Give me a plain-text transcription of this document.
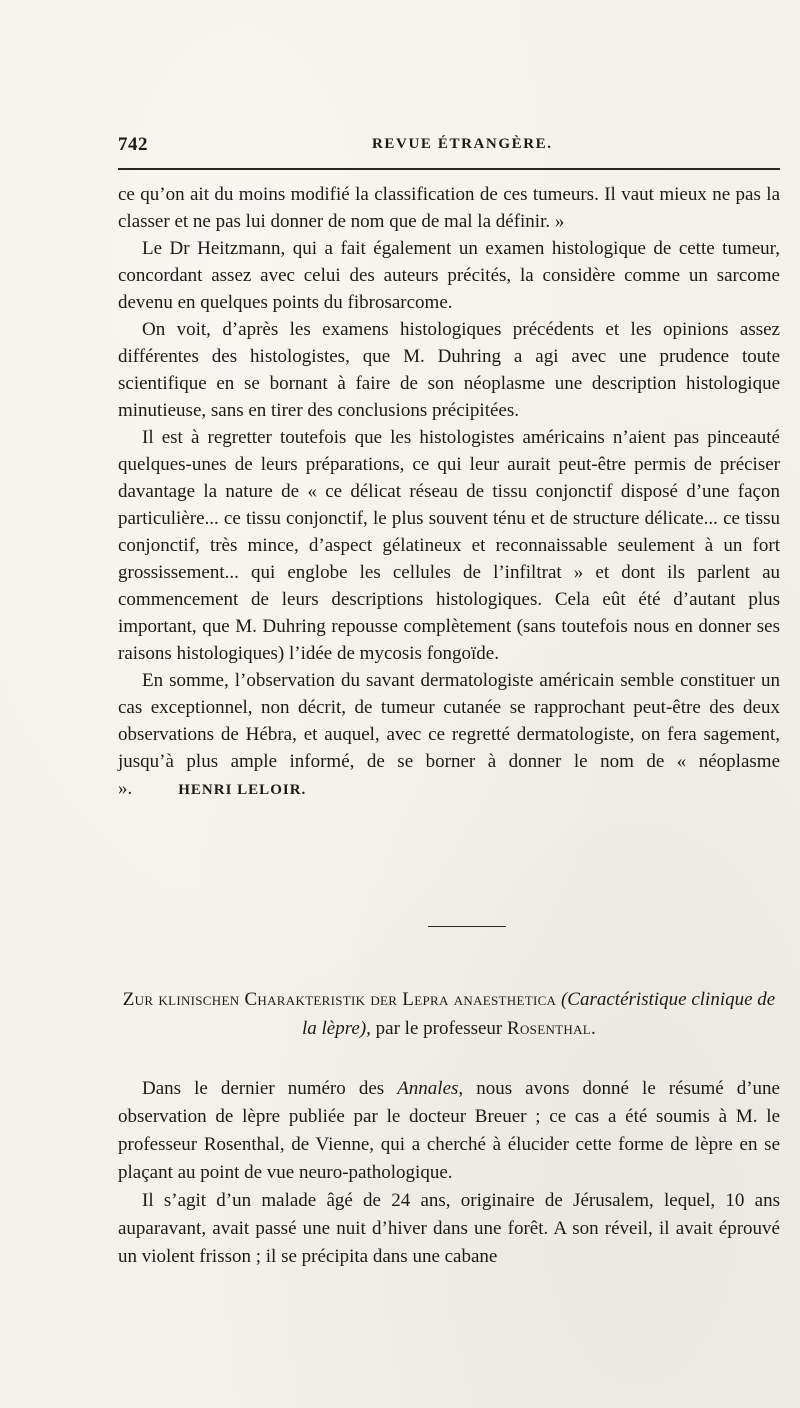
742	REVUE ÉTRANGÈRE.

ce qu’on ait du moins modifié la classification de ces tumeurs. Il vaut mieux ne pas la classer et ne pas lui donner de nom que de mal la définir. »

Le Dr Heitzmann, qui a fait également un examen histologique de cette tumeur, concordant assez avec celui des auteurs précités, la considère comme un sarcome devenu en quelques points du fibrosarcome.

On voit, d’après les examens histologiques précédents et les opinions assez différentes des histologistes, que M. Duhring a agi avec une prudence toute scientifique en se bornant à faire de son néoplasme une description histologique minutieuse, sans en tirer des conclusions précipitées.

Il est à regretter toutefois que les histologistes américains n’aient pas pinceauté quelques-unes de leurs préparations, ce qui leur aurait peut-être permis de préciser davantage la nature de « ce délicat réseau de tissu conjonctif disposé d’une façon particulière... ce tissu conjonctif, le plus souvent ténu et de structure délicate... ce tissu conjonctif, très mince, d’aspect gélatineux et reconnaissable seulement à un fort grossissement... qui englobe les cellules de l’infiltrat » et dont ils parlent au commencement de leurs descriptions histologiques. Cela eût été d’autant plus important, que M. Duhring repousse complètement (sans toutefois nous en donner ses raisons histologiques) l’idée de mycosis fongoïde.

En somme, l’observation du savant dermatologiste américain semble constituer un cas exceptionnel, non décrit, de tumeur cutanée se rapprochant peut-être des deux observations de Hébra, et auquel, avec ce regretté dermatologiste, on fera sagement, jusqu’à plus ample informé, de se borner à donner le nom de « néoplasme ».	HENRI LELOIR.

Zur klinischen Charakteristik der Lepra anaesthetica (Caractéristique clinique de la lèpre), par le professeur Rosenthal.

Dans le dernier numéro des Annales, nous avons donné le résumé d’une observation de lèpre publiée par le docteur Breuer ; ce cas a été soumis à M. le professeur Rosenthal, de Vienne, qui a cherché à élucider cette forme de lèpre en se plaçant au point de vue neuro-pathologique.

Il s’agit d’un malade âgé de 24 ans, originaire de Jérusalem, lequel, 10 ans auparavant, avait passé une nuit d’hiver dans une forêt. A son réveil, il avait éprouvé un violent frisson ; il se précipita dans une cabane
